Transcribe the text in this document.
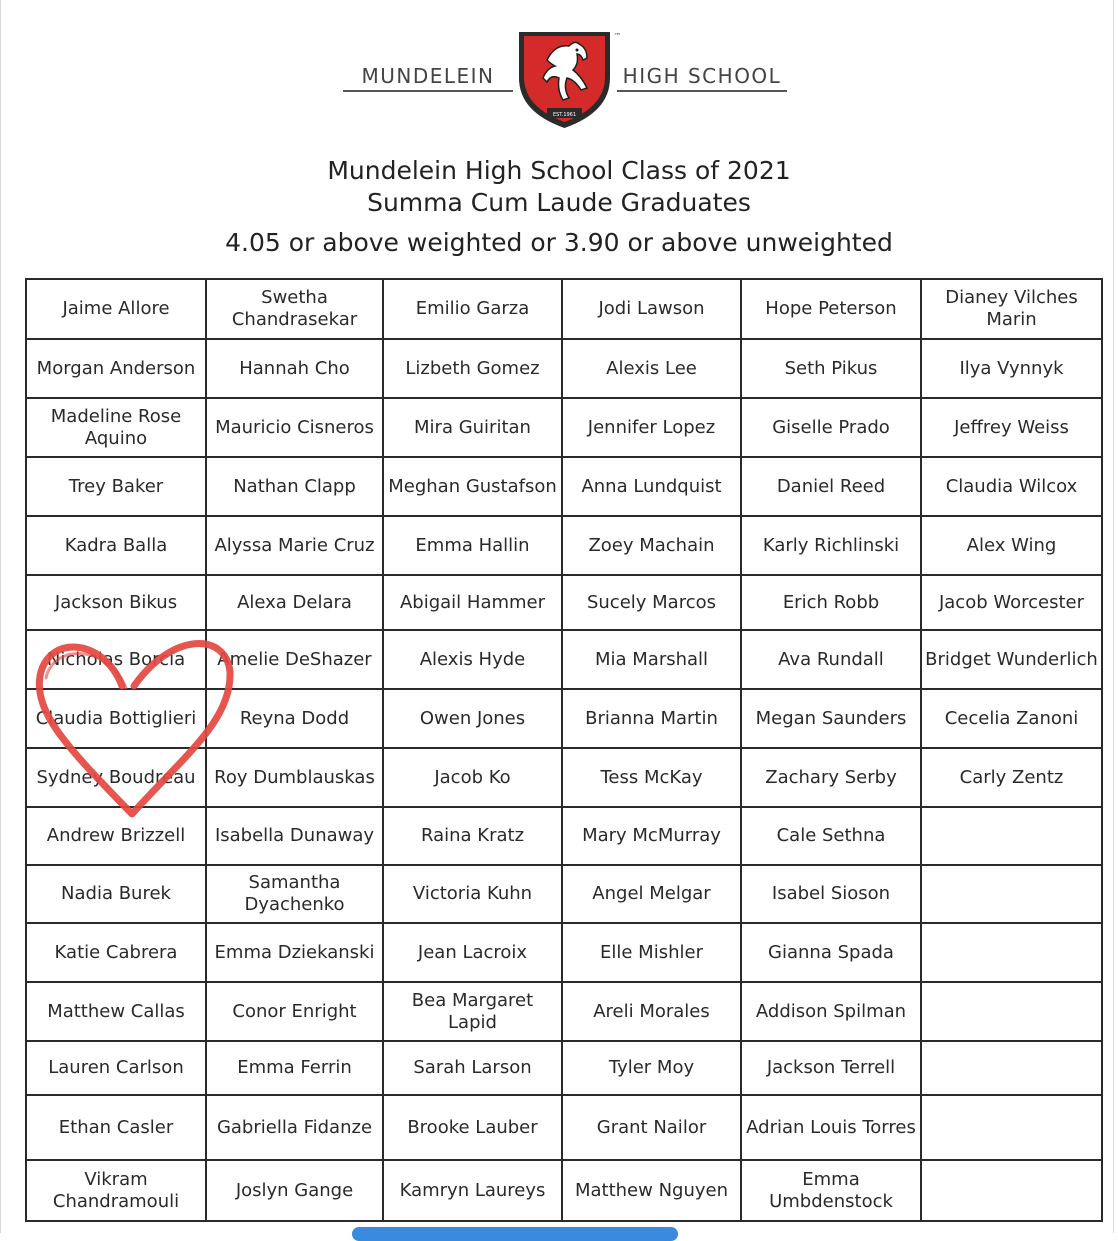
MUNDELEIN
EST.1961
™
HIGH SCHOOL
Mundelein High School Class of 2021
Summa Cum Laude Graduates
4.05 or above weighted or 3.90 or above unweighted
Jaime Allore	Swetha Chandrasekar	Emilio Garza	Jodi Lawson	Hope Peterson	Dianey Vilches Marin
Morgan Anderson	Hannah Cho	Lizbeth Gomez	Alexis Lee	Seth Pikus	Ilya Vynnyk
Madeline Rose Aquino	Mauricio Cisneros	Mira Guiritan	Jennifer Lopez	Giselle Prado	Jeffrey Weiss
Trey Baker	Nathan Clapp	Meghan Gustafson	Anna Lundquist	Daniel Reed	Claudia Wilcox
Kadra Balla	Alyssa Marie Cruz	Emma Hallin	Zoey Machain	Karly Richlinski	Alex Wing
Jackson Bikus	Alexa Delara	Abigail Hammer	Sucely Marcos	Erich Robb	Jacob Worcester
Nicholas Borcia	Amelie DeShazer	Alexis Hyde	Mia Marshall	Ava Rundall	Bridget Wunderlich
Claudia Bottiglieri	Reyna Dodd	Owen Jones	Brianna Martin	Megan Saunders	Cecelia Zanoni
Sydney Boudreau	Roy Dumblauskas	Jacob Ko	Tess McKay	Zachary Serby	Carly Zentz
Andrew Brizzell	Isabella Dunaway	Raina Kratz	Mary McMurray	Cale Sethna	
Nadia Burek	Samantha Dyachenko	Victoria Kuhn	Angel Melgar	Isabel Sioson	
Katie Cabrera	Emma Dziekanski	Jean Lacroix	Elle Mishler	Gianna Spada	
Matthew Callas	Conor Enright	Bea Margaret Lapid	Areli Morales	Addison Spilman	
Lauren Carlson	Emma Ferrin	Sarah Larson	Tyler Moy	Jackson Terrell	
Ethan Casler	Gabriella Fidanze	Brooke Lauber	Grant Nailor	Adrian Louis Torres	
Vikram Chandramouli	Joslyn Gange	Kamryn Laureys	Matthew Nguyen	Emma Umbdenstock	
